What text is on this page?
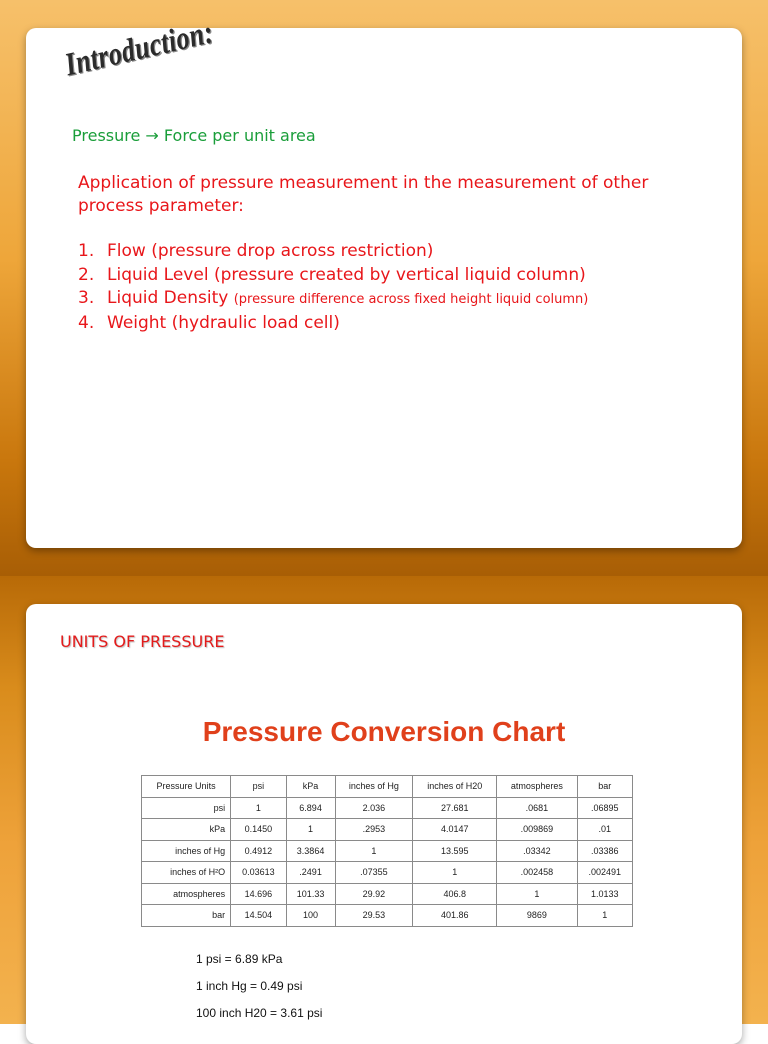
Introduction:
Pressure → Force per unit area
Application of pressure measurement in the measurement of other process parameter:
1. Flow (pressure drop across restriction)
2. Liquid Level (pressure created by vertical liquid column)
3. Liquid Density (pressure difference across fixed height liquid column)
4. Weight (hydraulic load cell)
UNITS OF PRESSURE
Pressure Conversion Chart
Pressure Units	psi	kPa	inches of Hg	inches of H20	atmospheres	bar
psi	1	6.894	2.036	27.681	.0681	.06895
kPa	0.1450	1	.2953	4.0147	.009869	.01
inches of Hg	0.4912	3.3864	1	13.595	.03342	.03386
inches of H²O	0.03613	.2491	.07355	1	.002458	.002491
atmospheres	14.696	101.33	29.92	406.8	1	1.0133
bar	14.504	100	29.53	401.86	9869	1
1 psi = 6.89 kPa
1 inch Hg = 0.49 psi
100 inch H20 = 3.61 psi
